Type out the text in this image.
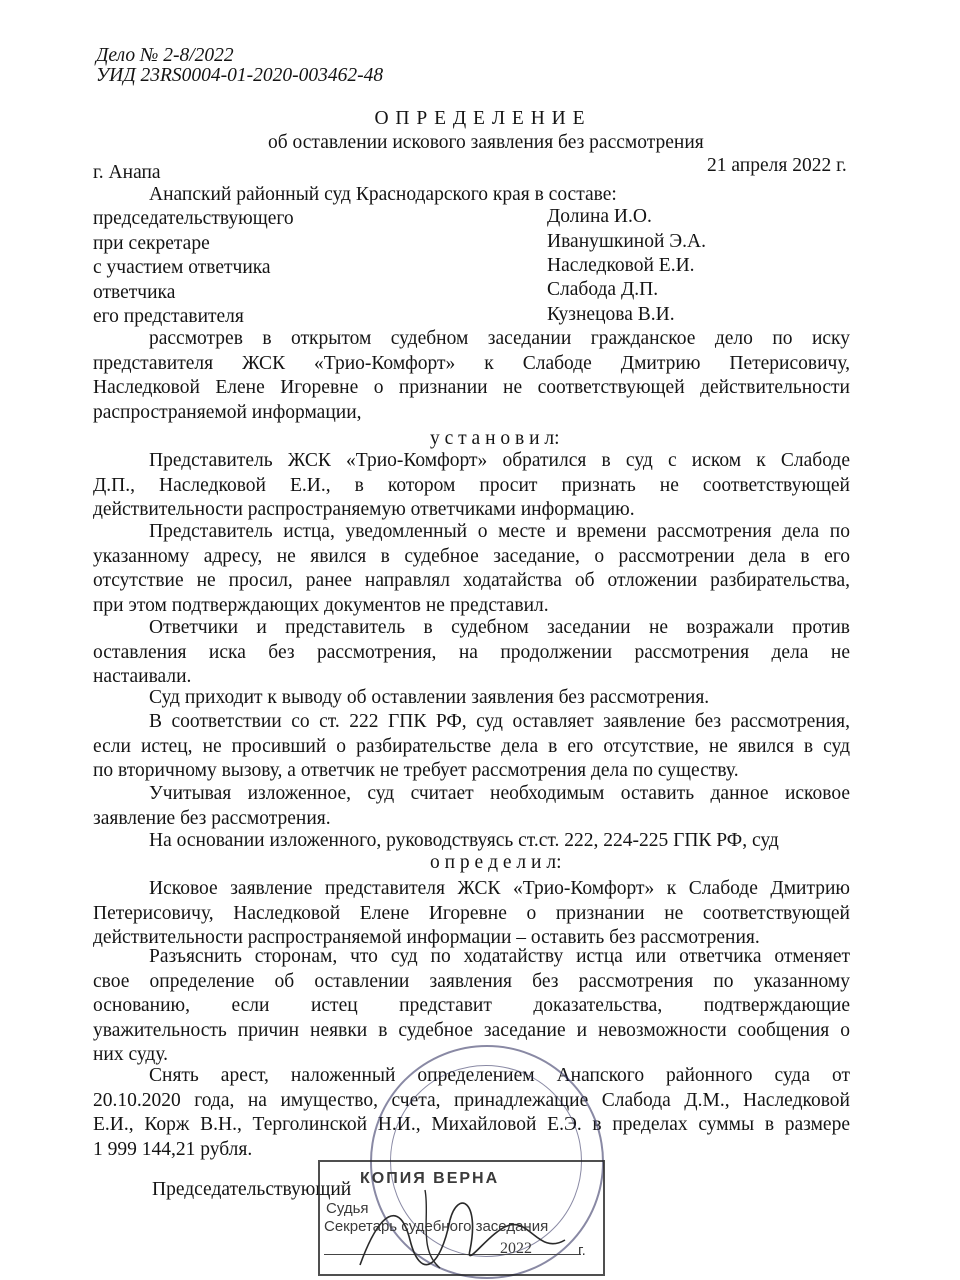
Дело № 2-8/2022
УИД 23RS0004-01-2020-003462-48
О П Р Е Д Е Л Е Н И Е
об оставлении искового заявления без рассмотрения
г. Анапа	21 апреля 2022 г.
Анапский районный суд Краснодарского края в составе:
председательствующего	Долина И.О.
при секретаре	Иванушкиной Э.А.
с участием ответчика	Наследковой Е.И.
ответчика	Слабода Д.П.
его представителя	Кузнецова В.И.
рассмотрев в открытом судебном заседании гражданское дело по иску
представителя ЖСК «Трио-Комфорт» к Слабоде Дмитрию Петерисовичу,
Наследковой Елене Игоревне о признании не соответствующей действительности
распространяемой информации,
у с т а н о в и л:
Представитель ЖСК «Трио-Комфорт» обратился в суд с иском к Слабоде
Д.П., Наследковой Е.И., в котором просит признать не соответствующей
действительности распространяемую ответчиками информацию.
Представитель истца, уведомленный о месте и времени рассмотрения дела по
указанному адресу, не явился в судебное заседание, о рассмотрении дела в его
отсутствие не просил, ранее направлял ходатайства об отложении разбирательства,
при этом подтверждающих документов не представил.
Ответчики и представитель в судебном заседании не возражали против
оставления иска без рассмотрения, на продолжении рассмотрения дела не
настаивали.
Суд приходит к выводу об оставлении заявления без рассмотрения.
В соответствии со ст. 222 ГПК РФ, суд оставляет заявление без рассмотрения,
если истец, не просивший о разбирательстве дела в его отсутствие, не явился в суд
по вторичному вызову, а ответчик не требует рассмотрения дела по существу.
Учитывая изложенное, суд считает необходимым оставить данное исковое
заявление без рассмотрения.
На основании изложенного, руководствуясь ст.ст. 222, 224-225 ГПК РФ, суд
о п р е д е л и л:
Исковое заявление представителя ЖСК «Трио-Комфорт» к Слабоде Дмитрию
Петерисовичу, Наследковой Елене Игоревне о признании не соответствующей
действительности распространяемой информации – оставить без рассмотрения.
Разъяснить сторонам, что суд по ходатайству истца или ответчика отменяет
свое определение об оставлении заявления без рассмотрения по указанному
основанию, если истец представит доказательства, подтверждающие
уважительность причин неявки в судебное заседание и невозможности сообщения о
них суду.
Снять арест, наложенный определением Анапского районного суда от
20.10.2020 года, на имущество, счета, принадлежащие Слабода Д.М., Наследковой
Е.И., Корж В.Н., Терголинской Н.И., Михайловой Е.Э. в пределах суммы в размере
1 999 144,21 рубля.
Председательствующий
КОПИЯ ВЕРНА
Судья
Секретарь судебного заседания
2022	г.
